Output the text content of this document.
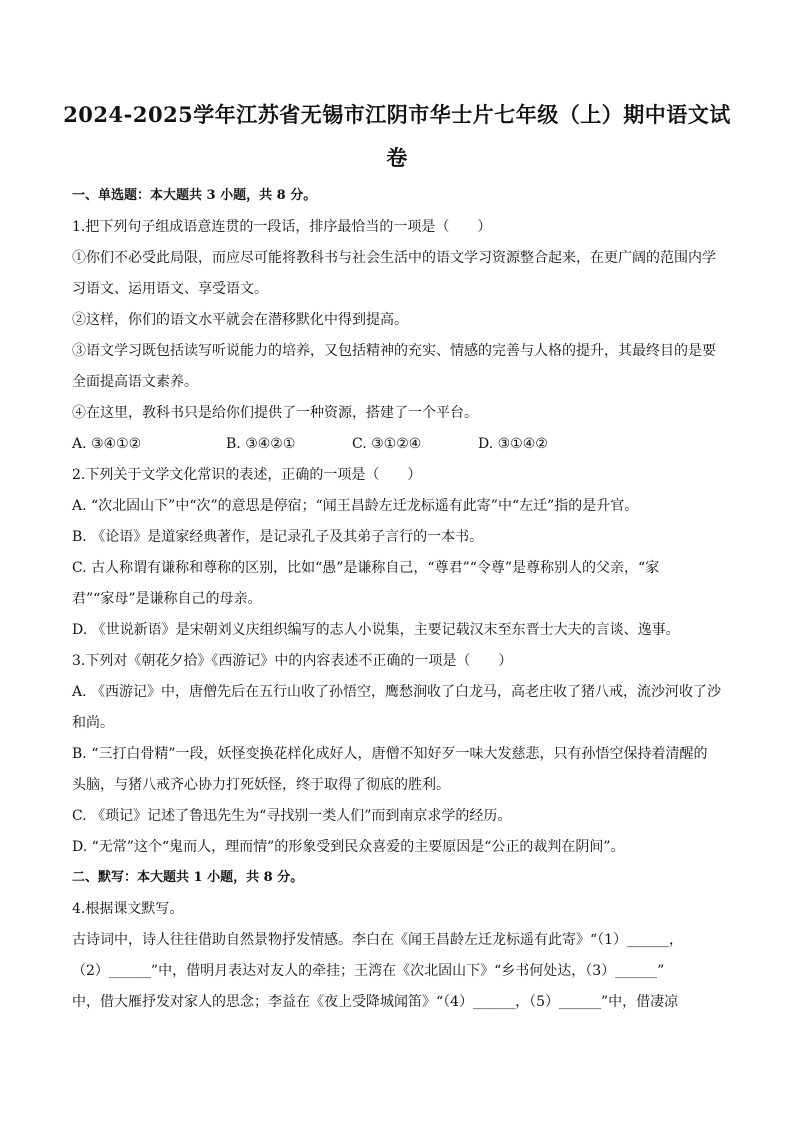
2024-2025学年江苏省无锡市江阴市华士片七年级（上）期中语文试
卷
一、单选题：本大题共 3 小题，共 8 分。
1.把下列句子组成语意连贯的一段话，排序最恰当的一项是（　　）
①你们不必受此局限，而应尽可能将教科书与社会生活中的语文学习资源整合起来，在更广阔的范围内学
习语文、运用语文、享受语文。
②这样，你们的语文水平就会在潜移默化中得到提高。
③语文学习既包括读写听说能力的培养，又包括精神的充实、情感的完善与人格的提升，其最终目的是要
全面提高语文素养。
④在这里，教科书只是给你们提供了一种资源，搭建了一个平台。
A. ③④①②	B. ③④②①	C. ③①②④	D. ③①④②
2.下列关于文学文化常识的表述，正确的一项是（　　）
A. “次北固山下”中“次”的意思是停宿；“闻王昌龄左迁龙标遥有此寄”中“左迁”指的是升官。
B. 《论语》是道家经典著作，是记录孔子及其弟子言行的一本书。
C. 古人称谓有谦称和尊称的区别，比如“愚”是谦称自己，“尊君”“令尊”是尊称别人的父亲，“家
君”“家母”是谦称自己的母亲。
D. 《世说新语》是宋朝刘义庆组织编写的志人小说集，主要记载汉末至东晋士大夫的言谈、逸事。
3.下列对《朝花夕拾》《西游记》中的内容表述不正确的一项是（　　）
A. 《西游记》中，唐僧先后在五行山收了孙悟空，鹰愁涧收了白龙马，高老庄收了猪八戒，流沙河收了沙
和尚。
B. “三打白骨精”一段，妖怪变换花样化成好人，唐僧不知好歹一味大发慈悲，只有孙悟空保持着清醒的
头脑，与猪八戒齐心协力打死妖怪，终于取得了彻底的胜利。
C. 《琐记》记述了鲁迅先生为“寻找别一类人们”而到南京求学的经历。
D. “无常”这个“鬼而人，理而情”的形象受到民众喜爱的主要原因是“公正的裁判在阴间”。
二、默写：本大题共 1 小题，共 8 分。
4.根据课文默写。
古诗词中，诗人往往借助自然景物抒发情感。李白在《闻王昌龄左迁龙标遥有此寄》“（1）______，
（2）______”中，借明月表达对友人的牵挂；王湾在《次北固山下》“乡书何处达，（3）______”
中，借大雁抒发对家人的思念；李益在《夜上受降城闻笛》“（4）______，（5）______”中，借凄凉
